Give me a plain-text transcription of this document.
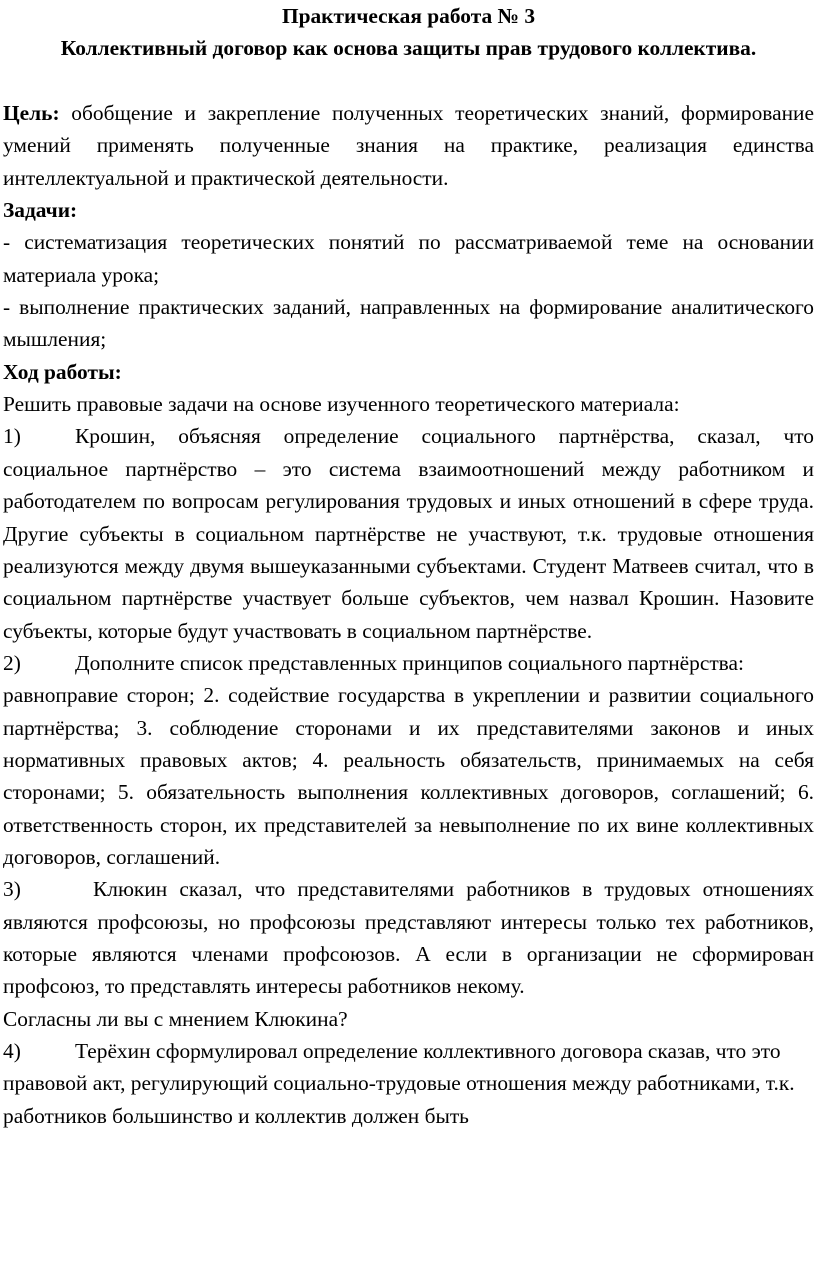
Практическая работа № 3

Коллективный договор как основа защиты прав трудового коллектива.

Цель: обобщение и закрепление полученных теоретических знаний, формирование умений применять полученные знания на практике, реализация единства интеллектуальной и практической деятельности.

Задачи:

- систематизация теоретических понятий по рассматриваемой теме на основании материала урока;

- выполнение практических заданий, направленных на формирование аналитического мышления;

Ход работы:

Решить правовые задачи на основе изученного теоретического материала:

1)	Крошин, объясняя определение социального партнёрства, сказал, что социальное партнёрство – это система взаимоотношений между работником и работодателем по вопросам регулирования трудовых и иных отношений в сфере труда. Другие субъекты в социальном партнёрстве не участвуют, т.к. трудовые отношения реализуются между двумя вышеуказанными субъектами. Студент Матвеев считал, что в социальном партнёрстве участвует больше субъектов, чем назвал Крошин. Назовите субъекты, которые будут участвовать в социальном партнёрстве.

2)	Дополните список представленных принципов социального партнёрства:

равноправие сторон; 2. содействие государства в укреплении и развитии социального партнёрства; 3. соблюдение сторонами и их представителями законов и иных нормативных правовых актов; 4. реальность обязательств, принимаемых на себя сторонами; 5. обязательность выполнения коллективных договоров, соглашений; 6. ответственность сторон, их представителей за невыполнение по их вине коллективных договоров, соглашений.

3)	Клюкин сказал, что представителями работников в трудовых отношениях являются профсоюзы, но профсоюзы представляют интересы только тех работников, которые являются членами профсоюзов. А если в организации не сформирован профсоюз, то представлять интересы работников некому.

Согласны ли вы с мнением Клюкина?

4)	Терёхин сформулировал определение коллективного договора сказав, что это правовой акт, регулирующий социально-трудовые отношения между работниками, т.к. работников большинство и коллектив должен быть
